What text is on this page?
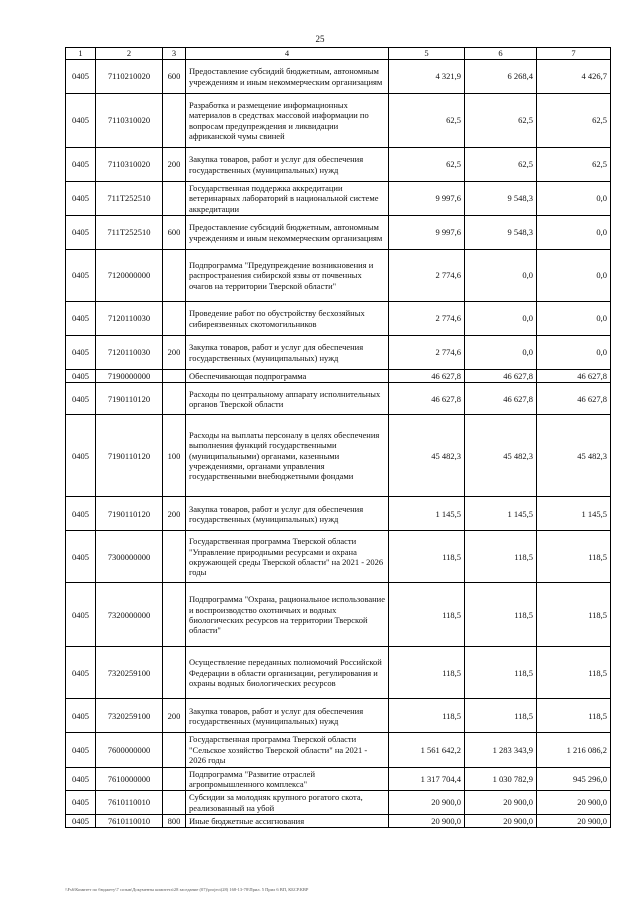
25
1	2	3	4	5	6	7
0405	7110210020	600	Предоставление субсидий бюджетным, автономным учреждениям и иным некоммерческим организациям	4 321,9	6 268,4	4 426,7
0405	7110310020		Разработка и размещение информационных материалов в средствах массовой информации по вопросам предупреждения и ликвидации африканской чумы свиней	62,5	62,5	62,5
0405	7110310020	200	Закупка товаров, работ и услуг для обеспечения государственных (муниципальных) нужд	62,5	62,5	62,5
0405	711Т252510		Государственная поддержка аккредитации ветеринарных лабораторий в национальной системе аккредитации	9 997,6	9 548,3	0,0
0405	711Т252510	600	Предоставление субсидий бюджетным, автономным учреждениям и иным некоммерческим организациям	9 997,6	9 548,3	0,0
0405	7120000000		Подпрограмма "Предупреждение возникновения и распространения сибирской язвы от почвенных очагов на территории Тверской области"	2 774,6	0,0	0,0
0405	7120110030		Проведение работ по обустройству бесхозяйных сибиреязвенных скотомогильников	2 774,6	0,0	0,0
0405	7120110030	200	Закупка товаров, работ и услуг для обеспечения государственных (муниципальных) нужд	2 774,6	0,0	0,0
0405	7190000000		Обеспечивающая подпрограмма	46 627,8	46 627,8	46 627,8
0405	7190110120		Расходы по центральному аппарату исполнительных органов Тверской области	46 627,8	46 627,8	46 627,8
0405	7190110120	100	Расходы на выплаты персоналу в целях обеспечения выполнения функций государственными (муниципальными) органами, казенными учреждениями, органами управления государственными внебюджетными фондами	45 482,3	45 482,3	45 482,3
0405	7190110120	200	Закупка товаров, работ и услуг для обеспечения государственных (муниципальных) нужд	1 145,5	1 145,5	1 145,5
0405	7300000000		Государственная программа Тверской области "Управление природными ресурсами и охрана окружающей среды Тверской области" на 2021 - 2026 годы	118,5	118,5	118,5
0405	7320000000		Подпрограмма "Охрана, рациональное использование и воспроизводство охотничьих и водных биологических ресурсов на территории Тверской области"	118,5	118,5	118,5
0405	7320259100		Осуществление переданных полномочий Российской Федерации в области организации, регулирования и охраны водных биологических ресурсов	118,5	118,5	118,5
0405	7320259100	200	Закупка товаров, работ и услуг для обеспечения государственных (муниципальных) нужд	118,5	118,5	118,5
0405	7600000000		Государственная программа Тверской области "Сельское хозяйство Тверской области" на 2021 - 2026 годы	1 561 642,2	1 283 343,9	1 216 086,2
0405	7610000000		Подпрограмма "Развитие отраслей агропромышленного комплекса"	1 317 704,4	1 030 782,9	945 296,0
0405	7610110010		Субсидии за молодняк крупного рогатого скота, реализованный на убой	20 900,0	20 900,0	20 900,0
0405	7610110010	800	Иные бюджетные ассигнования	20 900,0	20 900,0	20 900,0
\\Fs6\Комитет по бюджету\7 созыв\Документы комитета\28 заседание (07)\project(28) 168-13-78\Прил. 5 Прил 6 ВП, КБСР.КВР
